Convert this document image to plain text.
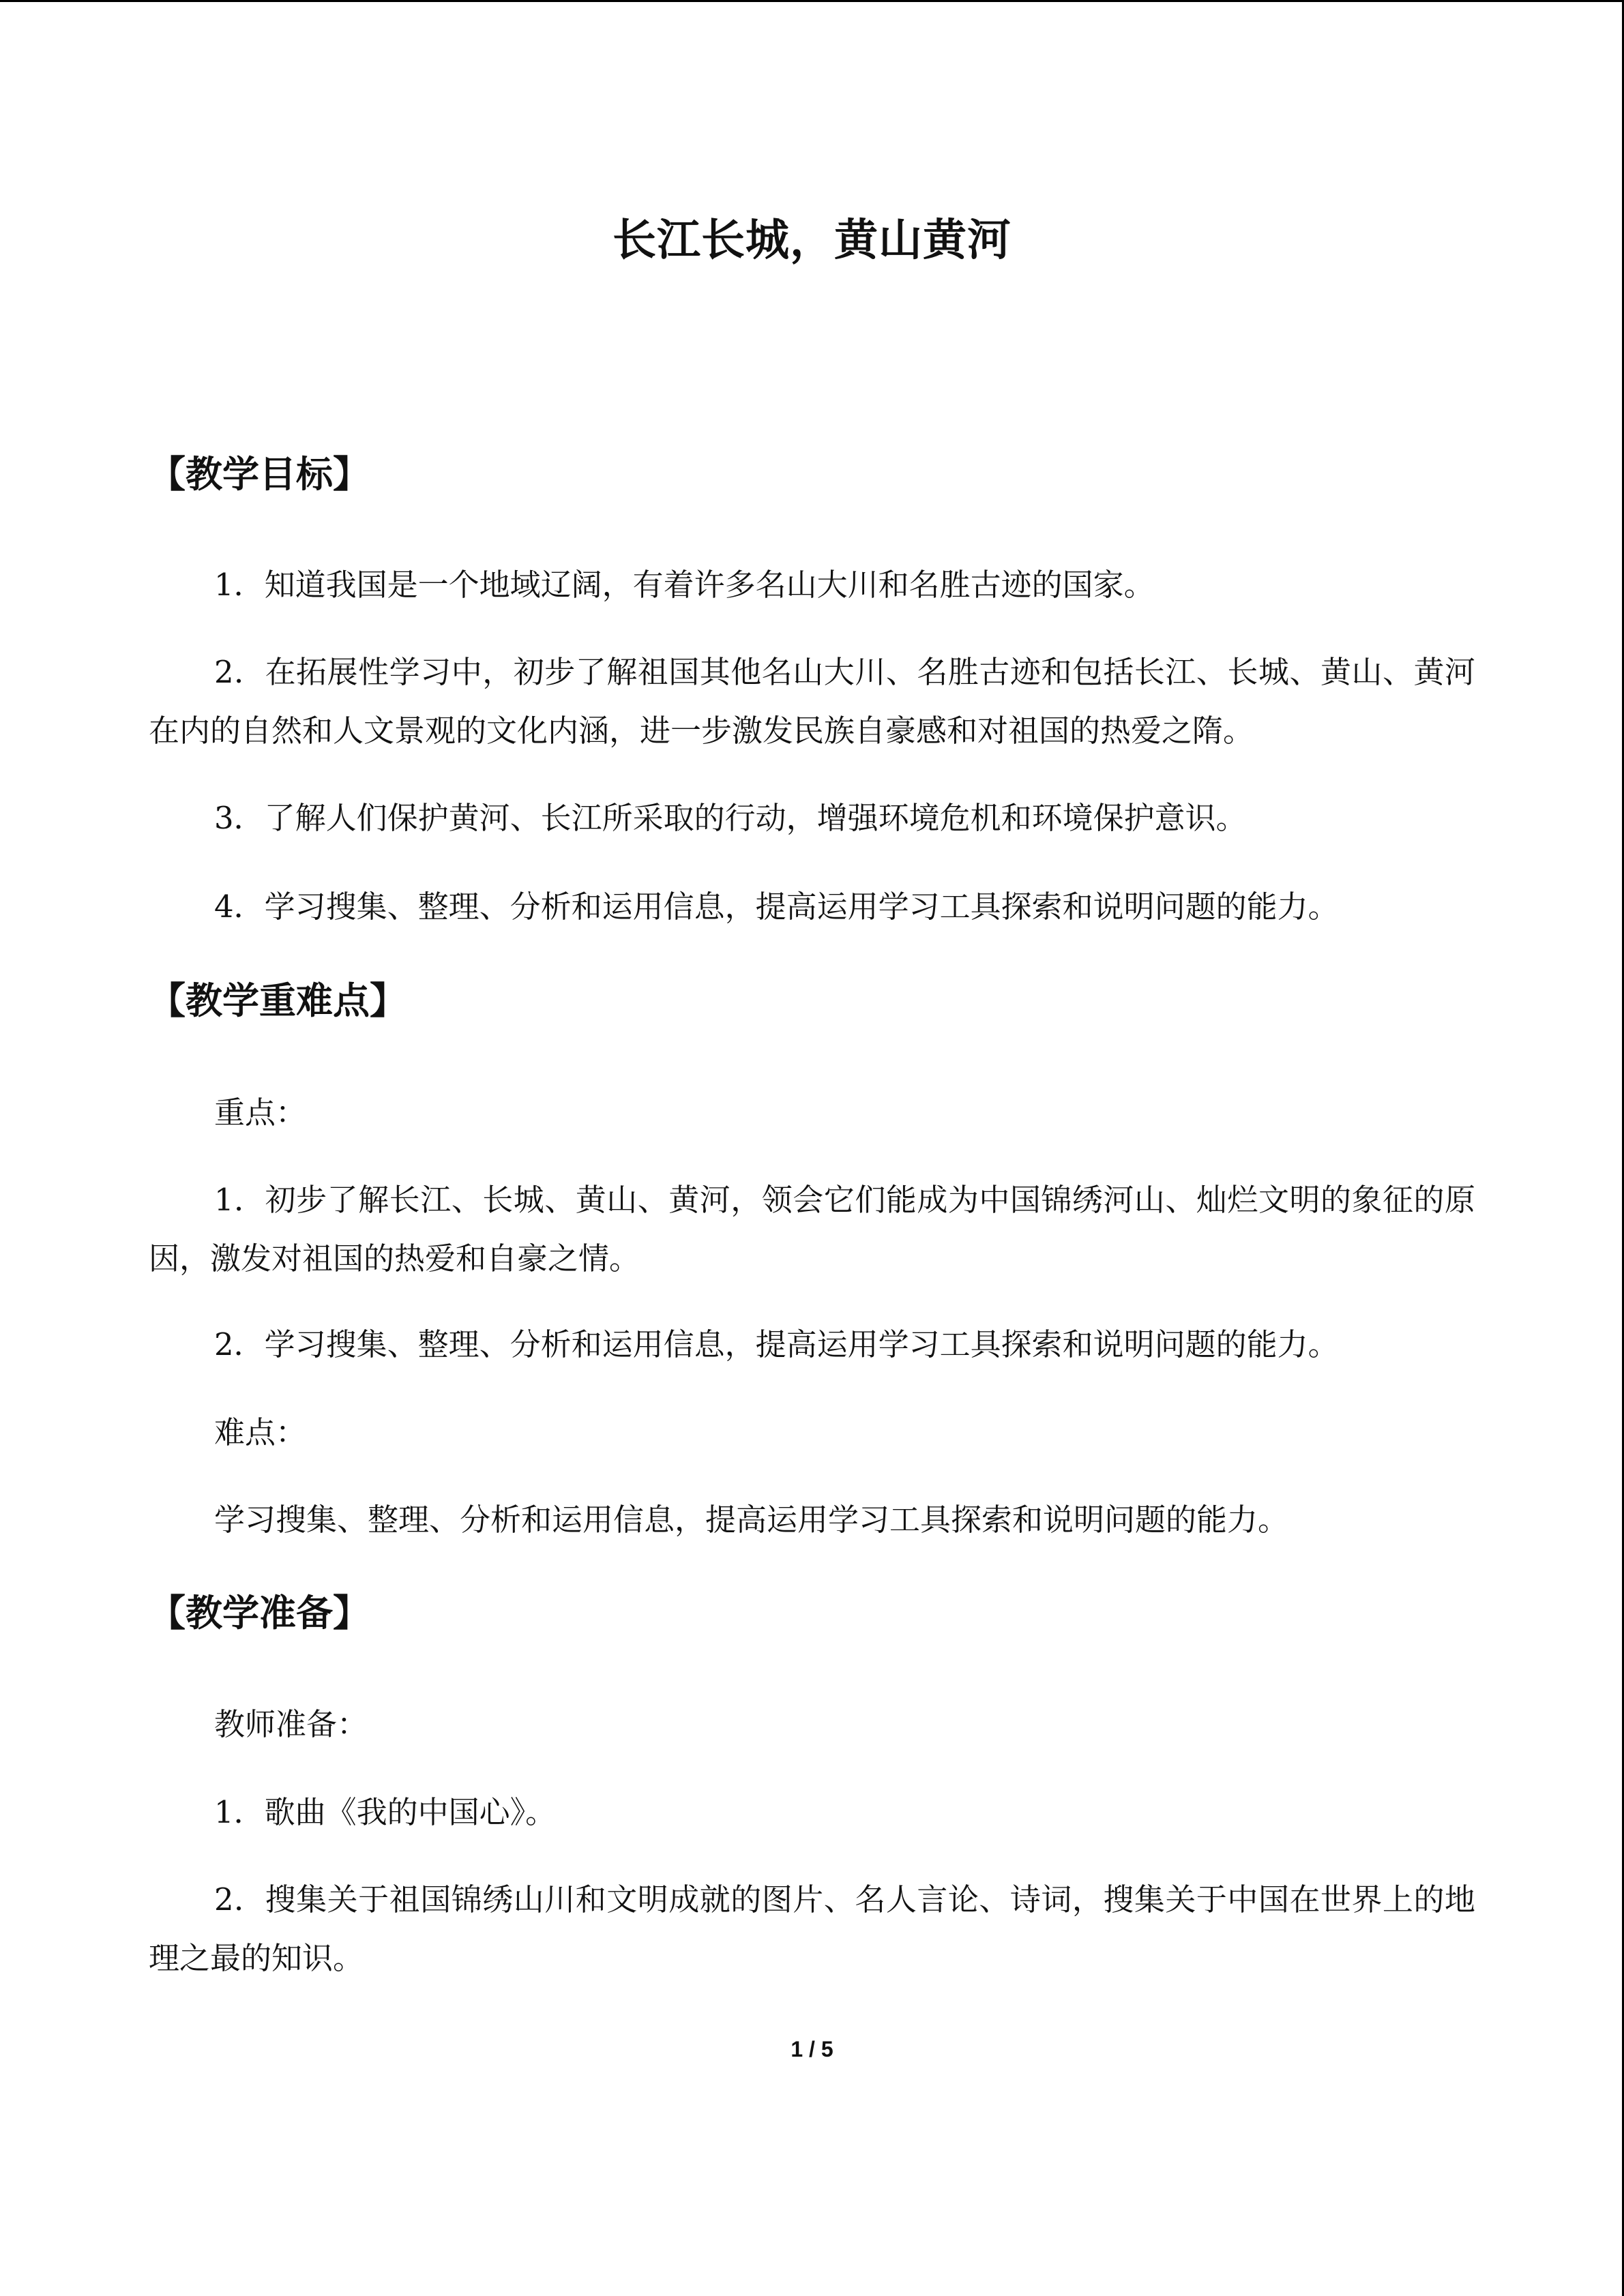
长江长城，黄山黄河
【教学目标】
1．知道我国是一个地域辽阔，有着许多名山大川和名胜古迹的国家。
2．在拓展性学习中，初步了解祖国其他名山大川、名胜古迹和包括长江、长城、黄山、黄河在内的自然和人文景观的文化内涵，进一步激发民族自豪感和对祖国的热爱之隋。
3．了解人们保护黄河、长江所采取的行动，增强环境危机和环境保护意识。
4．学习搜集、整理、分析和运用信息，提高运用学习工具探索和说明问题的能力。
【教学重难点】
重点：
1．初步了解长江、长城、黄山、黄河，领会它们能成为中国锦绣河山、灿烂文明的象征的原因，激发对祖国的热爱和自豪之情。
2．学习搜集、整理、分析和运用信息，提高运用学习工具探索和说明问题的能力。
难点：
学习搜集、整理、分析和运用信息，提高运用学习工具探索和说明问题的能力。
【教学准备】
教师准备：
1．歌曲《我的中国心》。
2．搜集关于祖国锦绣山川和文明成就的图片、名人言论、诗词，搜集关于中国在世界上的地理之最的知识。
1 / 5
